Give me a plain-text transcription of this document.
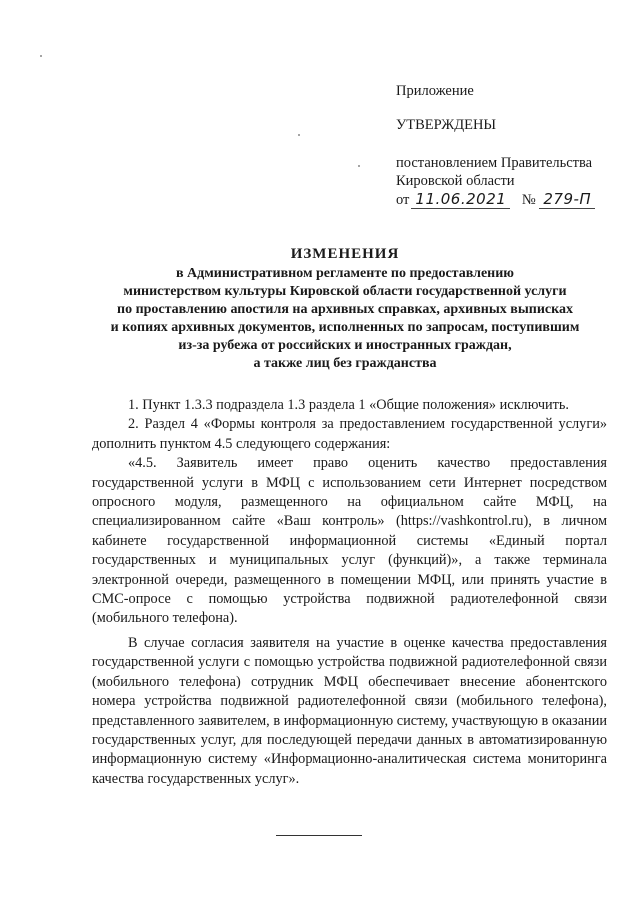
Приложение
УТВЕРЖДЕНЫ
постановлением Правительства
Кировской области
от 11.06.2021 № 279-П
ИЗМЕНЕНИЯ
в Административном регламенте по предоставлению
министерством культуры Кировской области государственной услуги
по проставлению апостиля на архивных справках, архивных выписках
и копиях архивных документов, исполненных по запросам, поступившим
из-за рубежа от российских и иностранных граждан,
а также лиц без гражданства

1. Пункт 1.3.3 подраздела 1.3 раздела 1 «Общие положения» исключить.

2. Раздел 4 «Формы контроля за предоставлением государственной услуги» дополнить пунктом 4.5 следующего содержания:

«4.5. Заявитель имеет право оценить качество предоставления государственной услуги в МФЦ с использованием сети Интернет посредством опросного модуля, размещенного на официальном сайте МФЦ, на специализированном сайте «Ваш контроль» (https://vashkontrol.ru), в личном кабинете государственной информационной системы «Единый портал государственных и муниципальных услуг (функций)», а также терминала электронной очереди, размещенного в помещении МФЦ, или принять участие в СМС-опросе с помощью устройства подвижной радиотелефонной связи (мобильного телефона).

В случае согласия заявителя на участие в оценке качества предоставления государственной услуги с помощью устройства подвижной радиотелефонной связи (мобильного телефона) сотрудник МФЦ обеспечивает внесение абонентского номера устройства подвижной радиотелефонной связи (мобильного телефона), представленного заявителем, в информационную систему, участвующую в оказании государственных услуг, для последующей передачи данных в автоматизированную информационную систему «Информационно-аналитическая система мониторинга качества государственных услуг».
